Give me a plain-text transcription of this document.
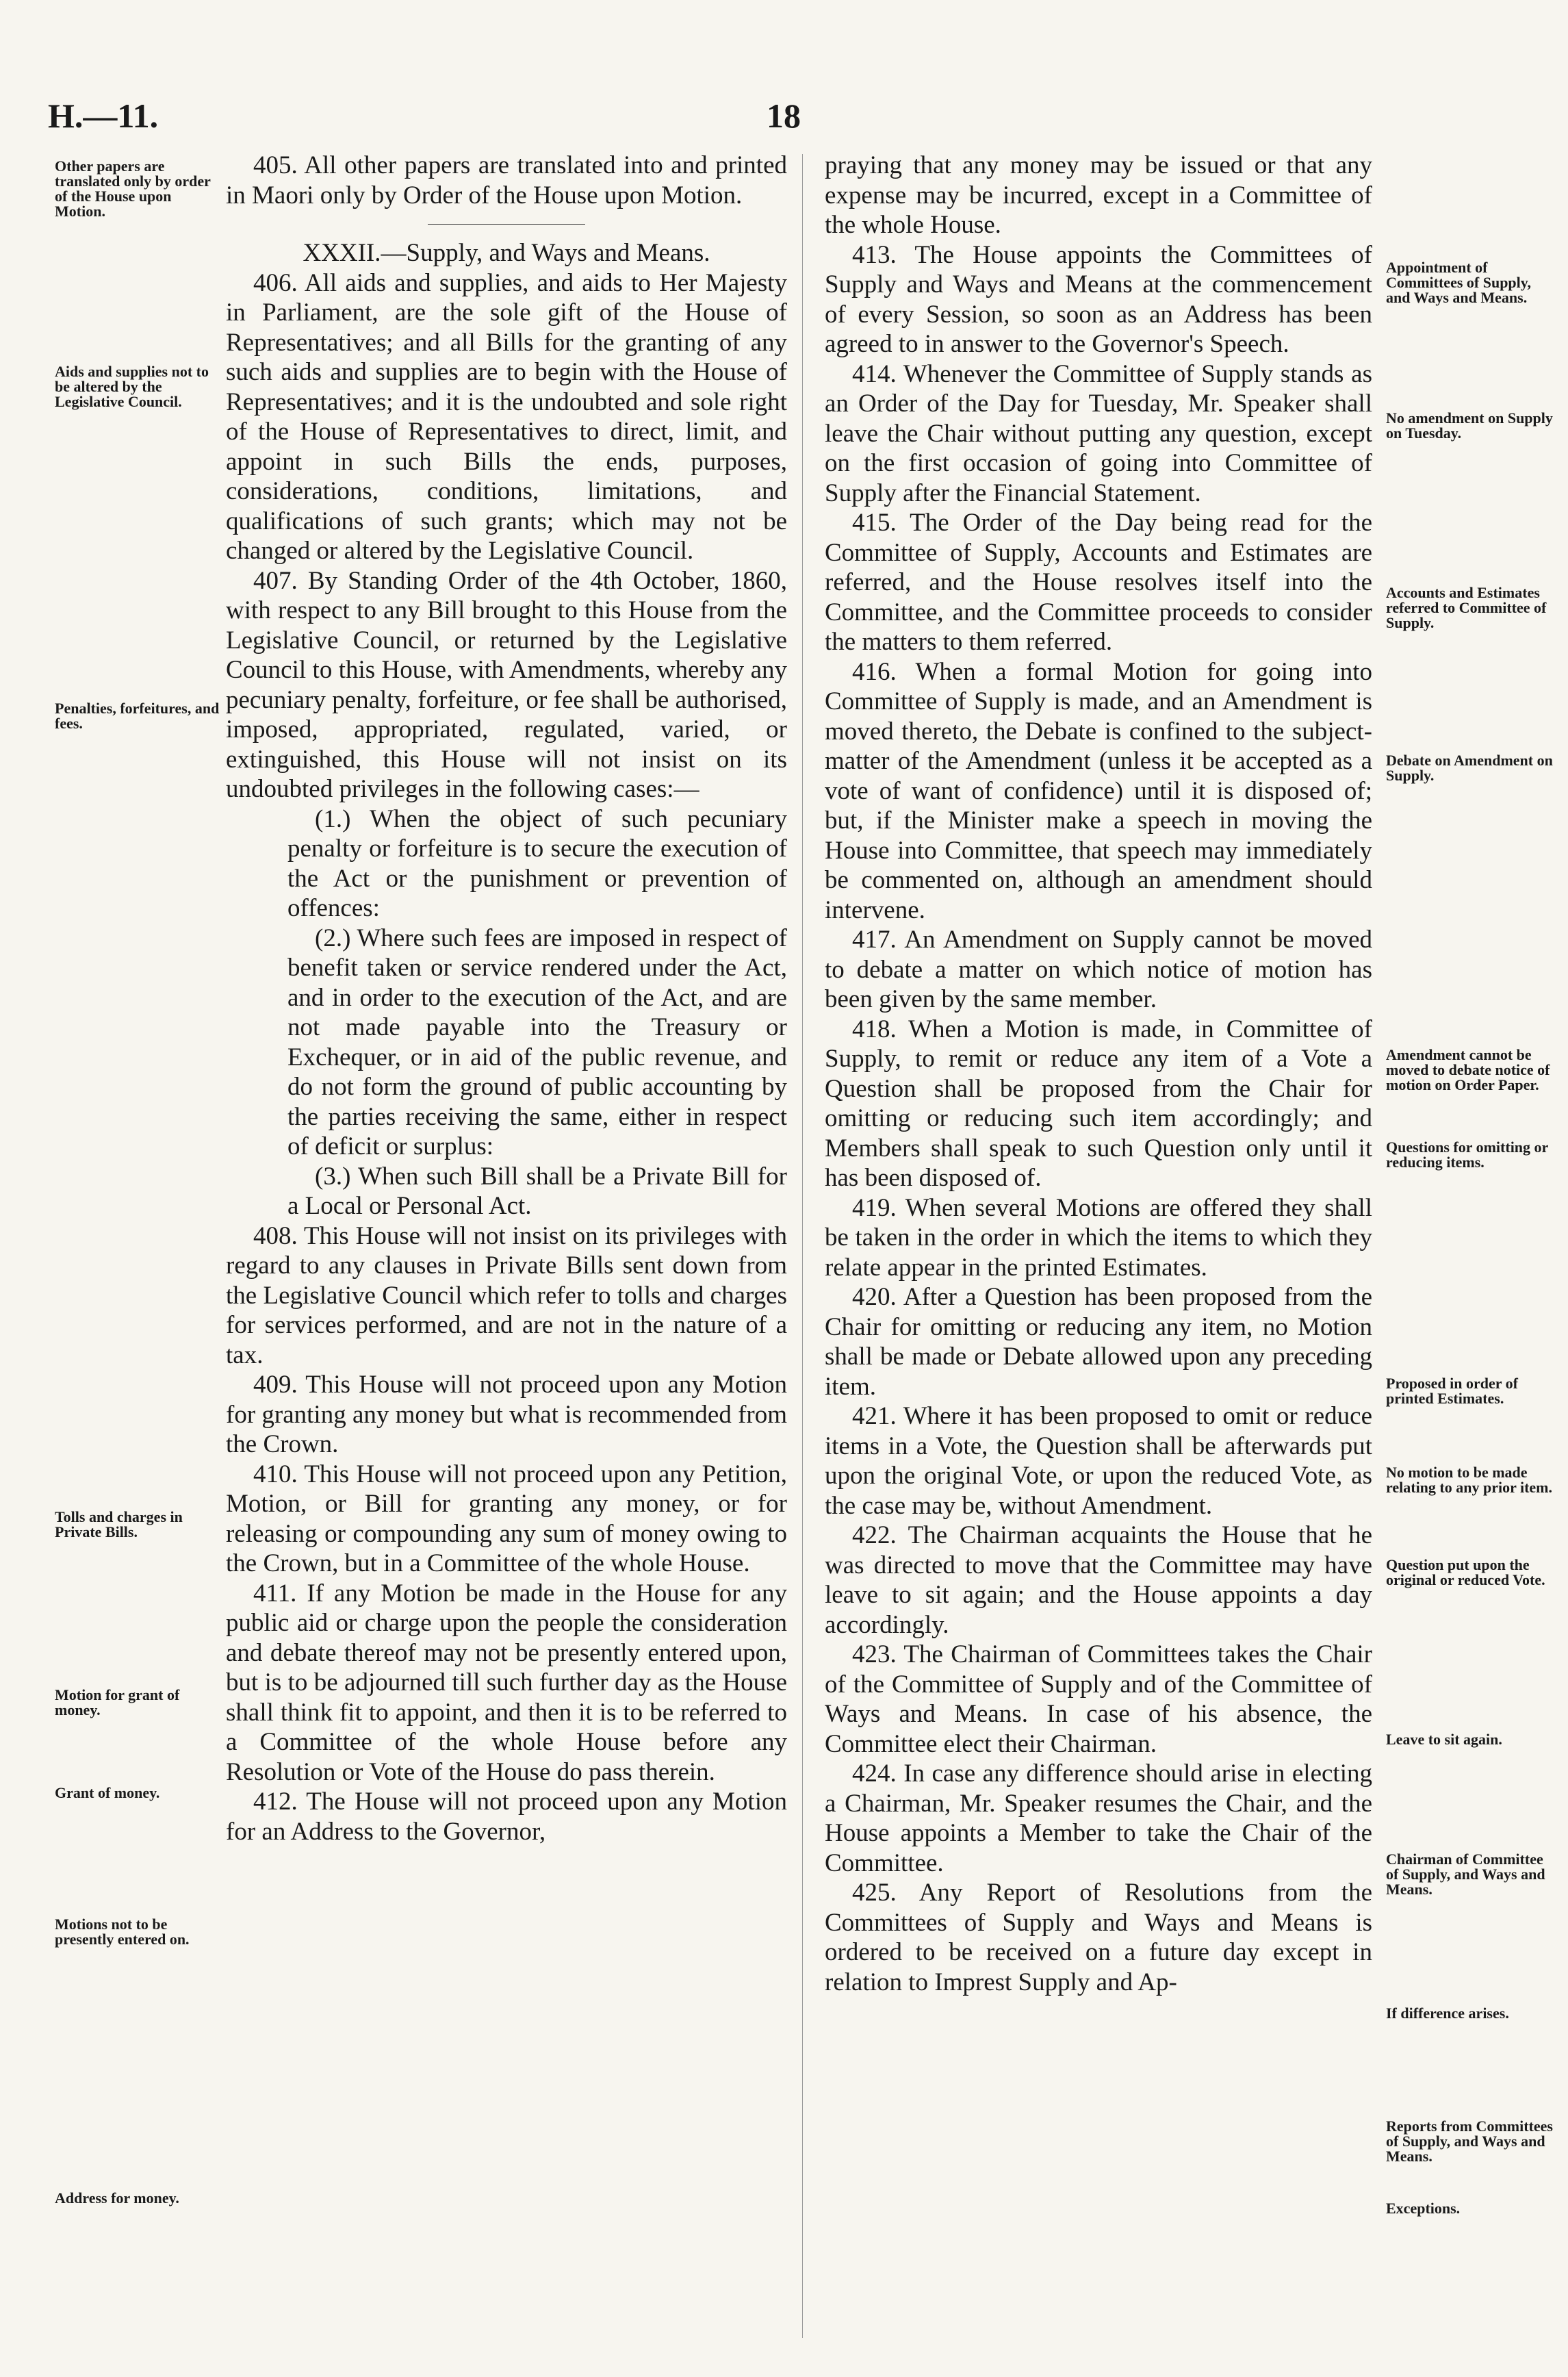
H.—11.	18

405. All other papers are translated into and printed in Maori only by Order of the House upon Motion.

XXXII.—Supply, and Ways and Means.

406. All aids and supplies, and aids to Her Majesty in Parliament, are the sole gift of the House of Representatives; and all Bills for the granting of any such aids and supplies are to begin with the House of Representatives; and it is the undoubted and sole right of the House of Representatives to direct, limit, and appoint in such Bills the ends, purposes, considerations, conditions, limitations, and qualifications of such grants; which may not be changed or altered by the Legislative Council.

407. By Standing Order of the 4th October, 1860, with respect to any Bill brought to this House from the Legislative Council, or returned by the Legislative Council to this House, with Amendments, whereby any pecuniary penalty, forfeiture, or fee shall be authorised, imposed, appropriated, regulated, varied, or extinguished, this House will not insist on its undoubted privileges in the following cases:—

(1.) When the object of such pecuniary penalty or forfeiture is to secure the execution of the Act or the punishment or prevention of offences:

(2.) Where such fees are imposed in respect of benefit taken or service rendered under the Act, and in order to the execution of the Act, and are not made payable into the Treasury or Exchequer, or in aid of the public revenue, and do not form the ground of public accounting by the parties receiving the same, either in respect of deficit or surplus:

(3.) When such Bill shall be a Private Bill for a Local or Personal Act.

408. This House will not insist on its privileges with regard to any clauses in Private Bills sent down from the Legislative Council which refer to tolls and charges for services performed, and are not in the nature of a tax.

409. This House will not proceed upon any Motion for granting any money but what is recommended from the Crown.

410. This House will not proceed upon any Petition, Motion, or Bill for granting any money, or for releasing or compounding any sum of money owing to the Crown, but in a Committee of the whole House.

411. If any Motion be made in the House for any public aid or charge upon the people the consideration and debate thereof may not be presently entered upon, but is to be adjourned till such further day as the House shall think fit to appoint, and then it is to be referred to a Committee of the whole House before any Resolution or Vote of the House do pass therein.

412. The House will not proceed upon any Motion for an Address to the Governor,

praying that any money may be issued or that any expense may be incurred, except in a Committee of the whole House.

413. The House appoints the Committees of Supply and Ways and Means at the commencement of every Session, so soon as an Address has been agreed to in answer to the Governor's Speech.

414. Whenever the Committee of Supply stands as an Order of the Day for Tuesday, Mr. Speaker shall leave the Chair without putting any question, except on the first occasion of going into Committee of Supply after the Financial Statement.

415. The Order of the Day being read for the Committee of Supply, Accounts and Estimates are referred, and the House resolves itself into the Committee, and the Committee proceeds to consider the matters to them referred.

416. When a formal Motion for going into Committee of Supply is made, and an Amendment is moved thereto, the Debate is confined to the subject-matter of the Amendment (unless it be accepted as a vote of want of confidence) until it is disposed of; but, if the Minister make a speech in moving the House into Committee, that speech may immediately be commented on, although an amendment should intervene.

417. An Amendment on Supply cannot be moved to debate a matter on which notice of motion has been given by the same member.

418. When a Motion is made, in Committee of Supply, to remit or reduce any item of a Vote a Question shall be proposed from the Chair for omitting or reducing such item accordingly; and Members shall speak to such Question only until it has been disposed of.

419. When several Motions are offered they shall be taken in the order in which the items to which they relate appear in the printed Estimates.

420. After a Question has been proposed from the Chair for omitting or reducing any item, no Motion shall be made or Debate allowed upon any preceding item.

421. Where it has been proposed to omit or reduce items in a Vote, the Question shall be afterwards put upon the original Vote, or upon the reduced Vote, as the case may be, without Amendment.

422. The Chairman acquaints the House that he was directed to move that the Committee may have leave to sit again; and the House appoints a day accordingly.

423. The Chairman of Committees takes the Chair of the Committee of Supply and of the Committee of Ways and Means. In case of his absence, the Committee elect their Chairman.

424. In case any difference should arise in electing a Chairman, Mr. Speaker resumes the Chair, and the House appoints a Member to take the Chair of the Committee.

425. Any Report of Resolutions from the Committees of Supply and Ways and Means is ordered to be received on a future day except in relation to Imprest Supply and Ap-

Other papers are translated only by order of the House upon Motion.
Aids and supplies not to be altered by the Legislative Council.
Penalties, forfeitures, and fees.
Tolls and charges in Private Bills.
Motion for grant of money.
Grant of money.
Motions not to be presently entered on.
Address for money.
Appointment of Committees of Supply, and Ways and Means.
No amendment on Supply on Tuesday.
Accounts and Estimates referred to Committee of Supply.
Debate on Amendment on Supply.
Amendment cannot be moved to debate notice of motion on Order Paper.
Questions for omitting or reducing items.
Proposed in order of printed Estimates.
No motion to be made relating to any prior item.
Question put upon the original or reduced Vote.
Leave to sit again.
Chairman of Committee of Supply, and Ways and Means.
If difference arises.
Reports from Committees of Supply, and Ways and Means.
Exceptions.
